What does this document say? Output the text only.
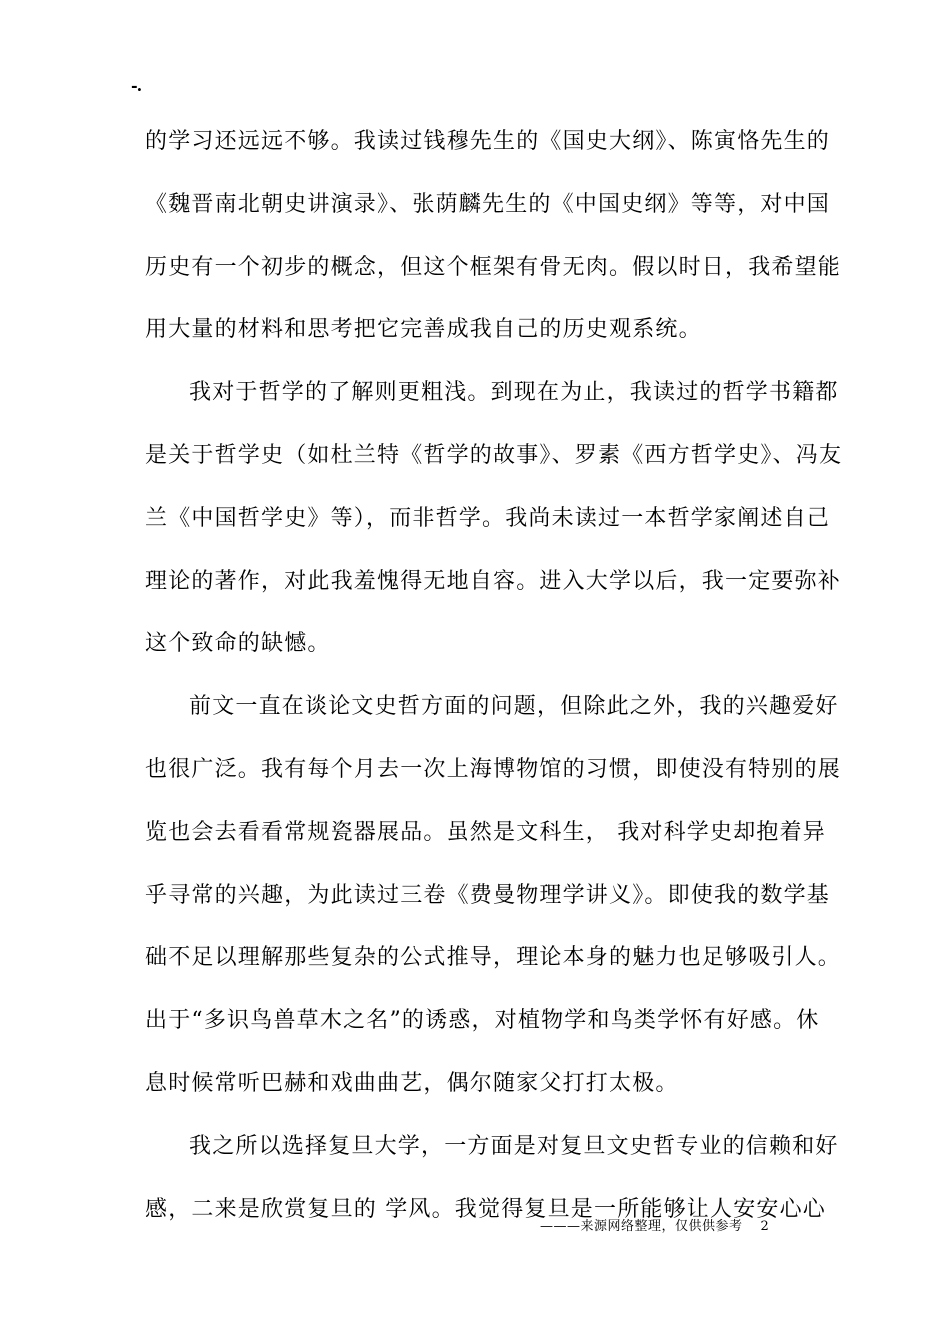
-.
的学习还远远不够。我读过钱穆先生的《国史大纲》、陈寅恪先生的
《魏晋南北朝史讲演录》、张荫麟先生的《中国史纲》等等，对中国
历史有一个初步的概念，但这个框架有骨无肉。假以时日，我希望能
用大量的材料和思考把它完善成我自己的历史观系统。
我对于哲学的了解则更粗浅。到现在为止，我读过的哲学书籍都
是关于哲学史（如杜兰特《哲学的故事》、罗素《西方哲学史》、冯友
兰《中国哲学史》等），而非哲学。我尚未读过一本哲学家阐述自己
理论的著作，对此我羞愧得无地自容。进入大学以后，我一定要弥补
这个致命的缺憾。
前文一直在谈论文史哲方面的问题，但除此之外，我的兴趣爱好
也很广泛。我有每个月去一次上海博物馆的习惯，即使没有特别的展
览也会去看看常规瓷器展品。虽然是文科生， 我对科学史却抱着异
乎寻常的兴趣，为此读过三卷《费曼物理学讲义》。即使我的数学基
础不足以理解那些复杂的公式推导，理论本身的魅力也足够吸引人。
出于“多识鸟兽草木之名”的诱惑，对植物学和鸟类学怀有好感。休
息时候常听巴赫和戏曲曲艺，偶尔随家父打打太极。
我之所以选择复旦大学，一方面是对复旦文史哲专业的信赖和好
感，二来是欣赏复旦的 学风。我觉得复旦是一所能够让人安安心心
———来源网络整理，仅供供参考 2
